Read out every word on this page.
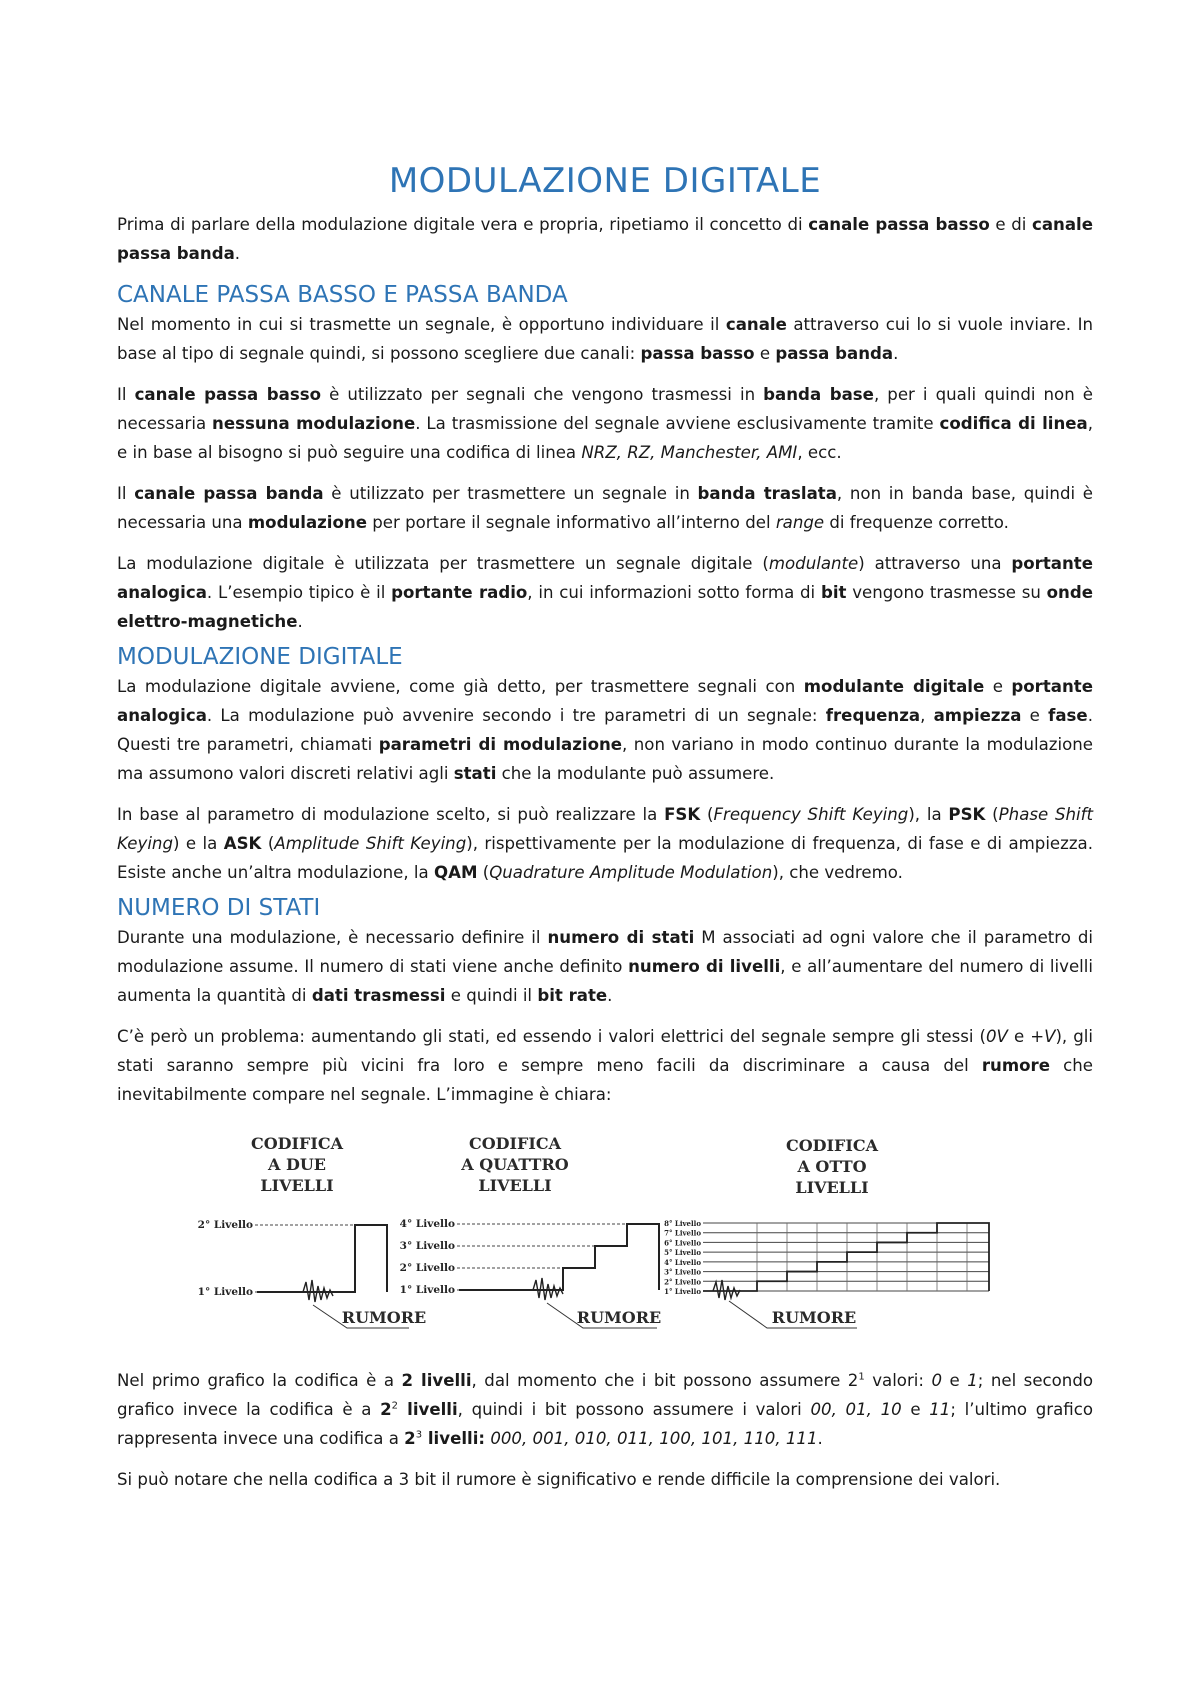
MODULAZIONE DIGITALE

Prima di parlare della modulazione digitale vera e propria, ripetiamo il concetto di canale passa basso e di canale passa banda.

CANALE PASSA BASSO E PASSA BANDA

Nel momento in cui si trasmette un segnale, è opportuno individuare il canale attraverso cui lo si vuole inviare. In base al tipo di segnale quindi, si possono scegliere due canali: passa basso e passa banda.

Il canale passa basso è utilizzato per segnali che vengono trasmessi in banda base, per i quali quindi non è necessaria nessuna modulazione. La trasmissione del segnale avviene esclusivamente tramite codifica di linea, e in base al bisogno si può seguire una codifica di linea NRZ, RZ, Manchester, AMI, ecc.

Il canale passa banda è utilizzato per trasmettere un segnale in banda traslata, non in banda base, quindi è necessaria una modulazione per portare il segnale informativo all’interno del range di frequenze corretto.

La modulazione digitale è utilizzata per trasmettere un segnale digitale (modulante) attraverso una portante analogica. L’esempio tipico è il portante radio, in cui informazioni sotto forma di bit vengono trasmesse su onde elettro-magnetiche.

MODULAZIONE DIGITALE

La modulazione digitale avviene, come già detto, per trasmettere segnali con modulante digitale e portante analogica. La modulazione può avvenire secondo i tre parametri di un segnale: frequenza, ampiezza e fase. Questi tre parametri, chiamati parametri di modulazione, non variano in modo continuo durante la modulazione ma assumono valori discreti relativi agli stati che la modulante può assumere.

In base al parametro di modulazione scelto, si può realizzare la FSK (Frequency Shift Keying), la PSK (Phase Shift Keying) e la ASK (Amplitude Shift Keying), rispettivamente per la modulazione di frequenza, di fase e di ampiezza. Esiste anche un’altra modulazione, la QAM (Quadrature Amplitude Modulation), che vedremo.

NUMERO DI STATI

Durante una modulazione, è necessario definire il numero di stati M associati ad ogni valore che il parametro di modulazione assume. Il numero di stati viene anche definito numero di livelli, e all’aumentare del numero di livelli aumenta la quantità di dati trasmessi e quindi il bit rate.

C’è però un problema: aumentando gli stati, ed essendo i valori elettrici del segnale sempre gli stessi (0V e +V), gli stati saranno sempre più vicini fra loro e sempre meno facili da discriminare a causa del rumore che inevitabilmente compare nel segnale. L’immagine è chiara:

CODIFICA
A DUE
LIVELLI
2° Livello
1° Livello
RUMORE
CODIFICA
A QUATTRO
LIVELLI
4° Livello
3° Livello
2° Livello
1° Livello
RUMORE
CODIFICA
A OTTO
LIVELLI
8° Livello
7° Livello
6° Livello
5° Livello
4° Livello
3° Livello
2° Livello
1° Livello
RUMORE

Nel primo grafico la codifica è a 2 livelli, dal momento che i bit possono assumere $2^1$ valori: 0 e 1; nel secondo grafico invece la codifica è a $2^2$ livelli, quindi i bit possono assumere i valori 00, 01, 10 e 11; l’ultimo grafico rappresenta invece una codifica a $2^3$ livelli: 000, 001, 010, 011, 100, 101, 110, 111.

Si può notare che nella codifica a 3 bit il rumore è significativo e rende difficile la comprensione dei valori.
